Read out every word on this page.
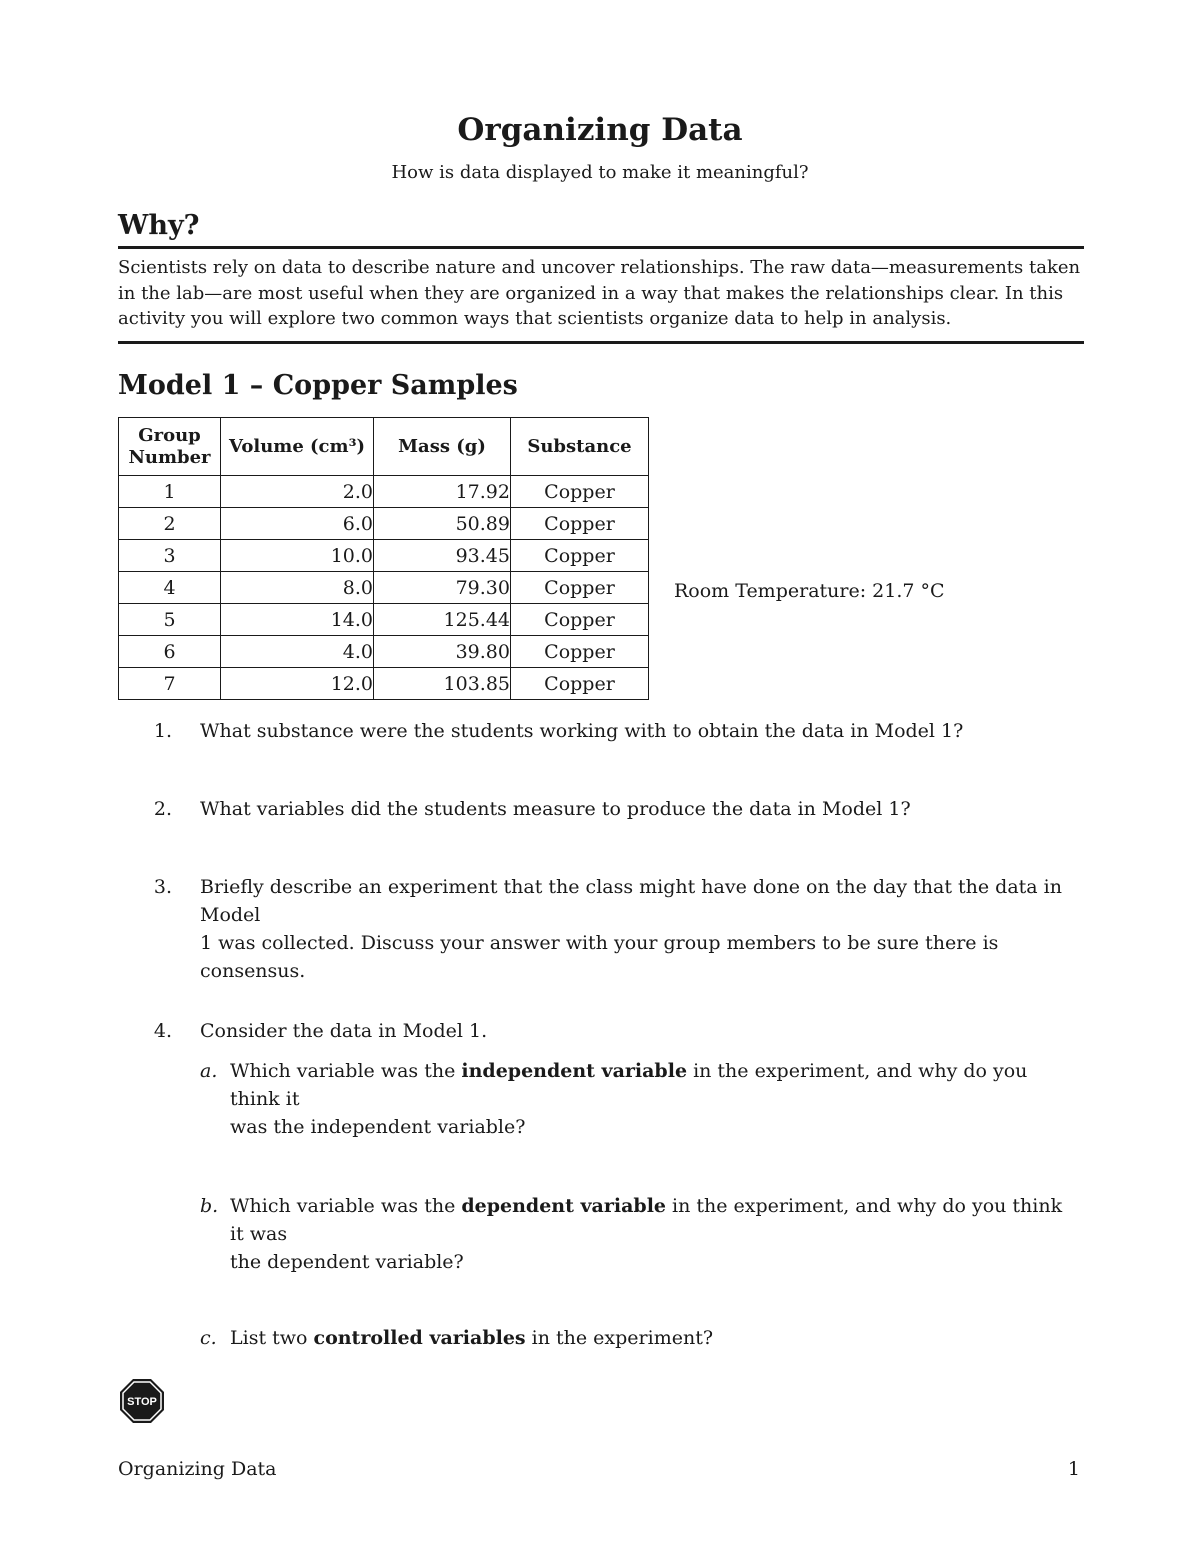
Organizing Data
How is data displayed to make it meaningful?
Why?
Scientists rely on data to describe nature and uncover relationships. The raw data—measurements taken
in the lab—are most useful when they are organized in a way that makes the relationships clear. In this
activity you will explore two common ways that scientists organize data to help in analysis.
Model 1 – Copper Samples
Group
Number	Volume (cm³)	Mass (g)	Substance
1	2.0	17.92	Copper
2	6.0	50.89	Copper
3	10.0	93.45	Copper
4	8.0	79.30	Copper
5	14.0	125.44	Copper
6	4.0	39.80	Copper
7	12.0	103.85	Copper
Room Temperature: 21.7 °C
1.	What substance were the students working with to obtain the data in Model 1?
2.	What variables did the students measure to produce the data in Model 1?
3. Briefly describe an experiment that the class might have done on the day that the data in Model
1 was collected. Discuss your answer with your group members to be sure there is consensus.
4.	Consider the data in Model 1.
a. Which variable was the independent variable in the experiment, and why do you think it
was the independent variable?
b. Which variable was the dependent variable in the experiment, and why do you think it was
the dependent variable?
c. List two controlled variables in the experiment?
STOP
Organizing Data	1
